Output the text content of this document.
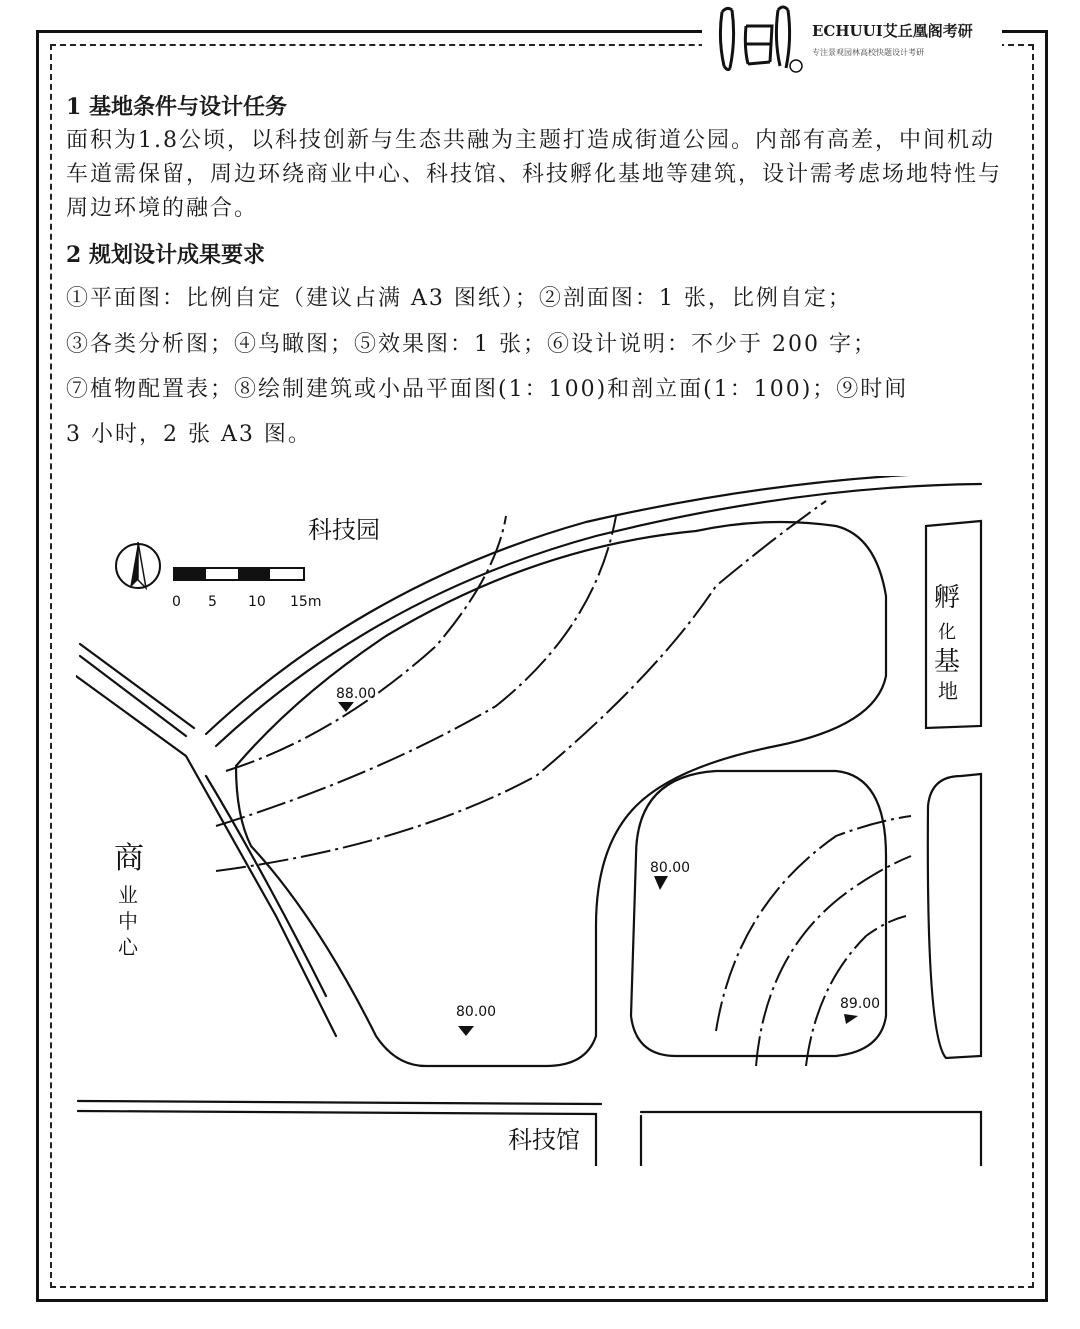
ECHUUI艾丘凰阁考研
专注景观园林高校快题设计考研

1 基地条件与设计任务

面积为1.8公顷，以科技创新与生态共融为主题打造成街道公园。内部有高差，中间机动车道需保留，周边环绕商业中心、科技馆、科技孵化基地等建筑，设计需考虑场地特性与周边环境的融合。

2 规划设计成果要求

①平面图：比例自定（建议占满 A3 图纸）；②剖面图：1 张，比例自定；

③各类分析图；④鸟瞰图；⑤效果图：1 张；⑥设计说明：不少于 200 字；

⑦植物配置表；⑧绘制建筑或小品平面图(1：100)和剖立面(1：100)；⑨时间

3 小时，2 张 A3 图。

0 5 10 15m
科技园
科技馆
孵
化
基
地
商
业
中
心
88.00
80.00
80.00	89.00
